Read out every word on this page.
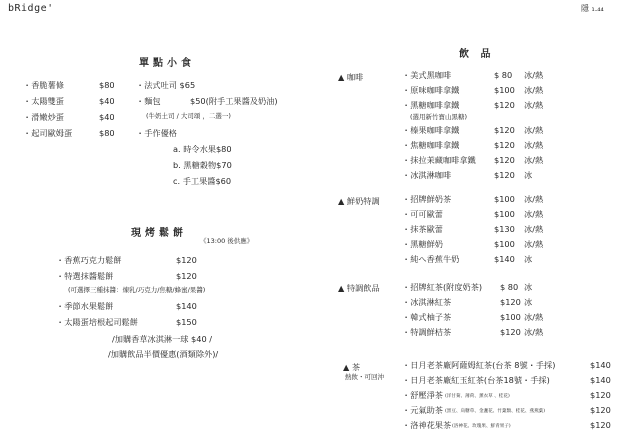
bRidge'	隱 ₁.₄₄
單點小食
・香脆薯條	$80
・太陽雙蛋	$40
・滑嫩炒蛋	$40
・起司歐姆蛋	$80
・法式吐司 $65
・麵包	$50(附手工果醬及奶油)
(牛奶土司 / 大司頌 ，二選一)
・手作優格
a. 時令水果$80
b. 黑糖穀物$70
c. 手工果醬$60
現烤鬆餅
《13:00 後供應》
・香蕉巧克力鬆餅	$120
・特選抹醬鬆餅	$120
(可選擇三種抹醬：煉乳/巧克力/焦糖/蜂蜜/果醬)
・季節水果鬆餅	$140
・太陽蛋培根起司鬆餅	$150
/加購香草冰淇淋一球 $40 /
/加購飲品半價優惠(酒類除外)/
飲 品
▲ 咖啡	・美式黑咖啡	$ 80 冰/熱
・原味咖啡拿鐵	$100 冰/熱
・黑糖咖啡拿鐵	$120 冰/熱
(選用新竹寶山黑糖)
・榛果咖啡拿鐵	$120 冰/熱
・焦糖咖啡拿鐵	$120 冰/熱
・抹拉茉藏咖啡拿鐵 $120 冰/熱
・冰淇淋咖啡	$120 冰
▲ 鮮奶特調	・招牌鮮奶茶	$100 冰/熱
・可可歐蕾	$100 冰/熱
・抹茶歐蕾	$130 冰/熱
・黑糖鮮奶	$100 冰/熱
・純へ香蕉牛奶	$140 冰
▲ 特調飲品	・招牌紅茶(附度奶茶) $ 80 冰
・冰淇淋紅茶	$120 冰
・韓式柚子茶	$100 冰/熱
・特調鮮桔茶	$120 冰/熱
▲ 茶
熱飲・可回沖
・日月老茶廠阿薩姆紅茶(台茶 8號・手採)	$140
・日月老茶廠紅玉紅茶(台茶18號・手採)	$140
・舒壓淨茶 (洋甘菊、薄荷、薰衣草 、桂花)	$120
・元氣助茶 (黑豆、烏糖草、金盞花、竹葉類、桂花、燕燕葉)	$120
・洛神花果茶 (洛神花、玫瑰果、鮮青果子)	$120
